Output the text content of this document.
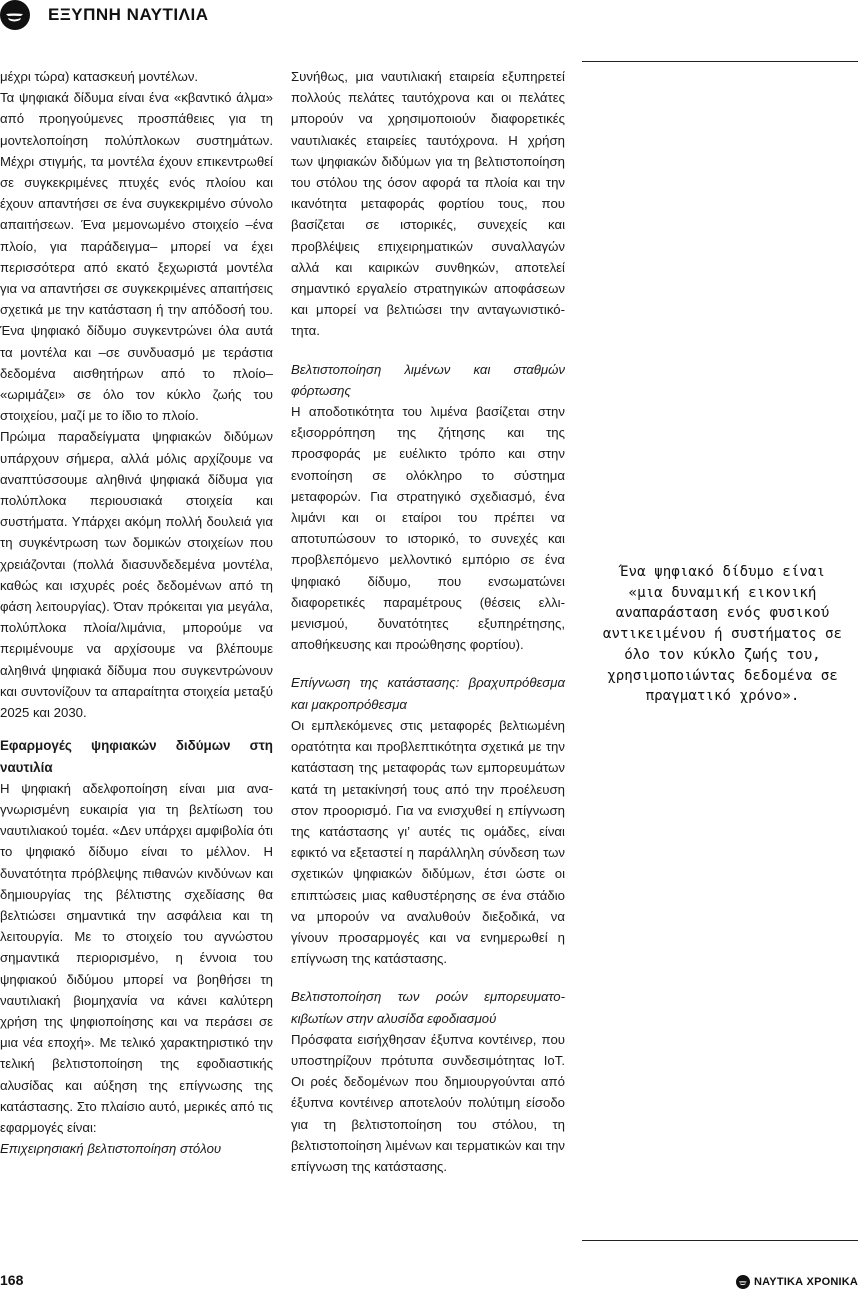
ΕΞΥΠΝΗ ΝΑΥΤΙΛΙΑ

μέχρι τώρα) κατασκευή μοντέλων.

Τα ψηφιακά δίδυμα είναι ένα «κβαντικό άλμα» από προηγούμενες προσπάθειες για τη μοντελοποίηση πολύπλοκων συστημάτων. Μέχρι στιγμής, τα μοντέλα έχουν επικεντρωθεί σε συγκεκριμένες πτυχές ενός πλοίου και έχουν απαντήσει σε ένα συγκεκριμένο σύνολο απαιτήσεων. Ένα μεμονωμένο στοιχείο –ένα πλοίο, για παράδειγμα– μπορεί να έχει περισσότερα από εκατό ξεχωριστά μοντέλα για να απαντήσει σε συγκεκριμένες απαιτήσεις σχετικά με την κατάσταση ή την απόδοσή του. Ένα ψηφιακό δίδυμο συγκεντρώνει όλα αυτά τα μοντέλα και –σε συνδυασμό με τεράστια δεδομένα αισθητήρων από το πλοίο– «ωριμάζει» σε όλο τον κύκλο ζωής του στοιχείου, μαζί με το ίδιο το πλοίο.

Πρώιμα παραδείγματα ψηφιακών διδύμων υπάρχουν σήμερα, αλλά μόλις αρχίζουμε να αναπτύσσουμε αληθινά ψηφιακά δίδυμα για πολύπλοκα περιουσιακά στοιχεία και συστήματα. Υπάρχει ακόμη πολλή δουλειά για τη συγκέντρωση των δομικών στοιχείων που χρειάζονται (πολλά διασυνδεδεμένα μοντέλα, καθώς και ισχυρές ροές δεδομένων από τη φάση λειτουργίας). Όταν πρόκειται για μεγάλα, πολύπλοκα πλοία/λιμάνια, μπορούμε να περιμένουμε να αρχίσουμε να βλέπουμε αληθινά ψηφιακά δίδυμα που συγκεντρώνουν και συντονίζουν τα απαραίτητα στοιχεία μεταξύ 2025 και 2030.

Εφαρμογές ψηφιακών διδύμων στη ναυτιλία

Η ψηφιακή αδελφοποίηση είναι μια αναγνωρισμένη ευκαιρία για τη βελτίωση του ναυτιλιακού τομέα. «Δεν υπάρχει αμφιβολία ότι το ψηφιακό δίδυμο είναι το μέλλον. Η δυνατότητα πρόβλεψης πιθανών κινδύνων και δημιουργίας της βέλτιστης σχεδίασης θα βελτιώσει σημαντικά την ασφάλεια και τη λειτουργία. Με το στοιχείο του αγνώστου σημαντικά περιορισμένο, η έννοια του ψηφιακού διδύμου μπορεί να βοηθήσει τη ναυτιλιακή βιομηχανία να κάνει καλύτερη χρήση της ψηφιοποίησης και να περάσει σε μια νέα εποχή». Με τελικό χαρακτηριστικό την τελική βελτιστοποίηση της εφοδιαστικής αλυσίδας και αύξηση της επίγνωσης της κατάστασης. Στο πλαίσιο αυτό, μερικές από τις εφαρμογές είναι:

Επιχειρησιακή βελτιστοποίηση στόλου

Συνήθως, μια ναυτιλιακή εταιρεία εξυπηρετεί πολλούς πελάτες ταυτόχρονα και οι πελάτες μπορούν να χρησιμοποιούν διαφορετικές ναυτιλιακές εταιρείες ταυτόχρονα. Η χρήση των ψηφιακών διδύμων για τη βελτιστοποίηση του στόλου της όσον αφορά τα πλοία και την ικανότητα μεταφοράς φορτίου τους, που βασίζεται σε ιστορικές, συνεχείς και προβλέψεις επιχειρηματικών συναλλαγών αλλά και καιρικών συνθηκών, αποτελεί σημαντικό εργαλείο στρατηγικών αποφάσεων και μπορεί να βελτιώσει την ανταγωνιστικότητα.

Βελτιστοποίηση λιμένων και σταθμών φόρτωσης

Η αποδοτικότητα του λιμένα βασίζεται στην εξισορρόπηση της ζήτησης και της προσφοράς με ευέλικτο τρόπο και στην ενοποίηση σε ολόκληρο το σύστημα μεταφορών. Για στρατηγικό σχεδιασμό, ένα λιμάνι και οι εταίροι του πρέπει να αποτυπώσουν το ιστορικό, το συνεχές και προβλεπόμενο μελλοντικό εμπόριο σε ένα ψηφιακό δίδυμο, που ενσωματώνει διαφορετικές παραμέτρους (θέσεις ελλιμενισμού, δυνατότητες εξυπηρέτησης, αποθήκευσης και προώθησης φορτίου).

Επίγνωση της κατάστασης: βραχυπρόθεσμα και μακροπρόθεσμα

Οι εμπλεκόμενες στις μεταφορές βελτιωμένη ορατότητα και προβλεπτικότητα σχετικά με την κατάσταση της μεταφοράς των εμπορευμάτων κατά τη μετακίνησή τους από την προέλευση στον προορισμό. Για να ενισχυθεί η επίγνωση της κατάστασης γι’ αυτές τις ομάδες, είναι εφικτό να εξεταστεί η παράλληλη σύνδεση των σχετικών ψηφιακών διδύμων, έτσι ώστε οι επιπτώσεις μιας καθυστέρησης σε ένα στάδιο να μπορούν να αναλυθούν διεξοδικά, να γίνουν προσαρμογές και να ενημερωθεί η επίγνωση της κατάστασης.

Βελτιστοποίηση των ροών εμπορευματοκιβωτίων στην αλυσίδα εφοδιασμού

Πρόσφατα εισήχθησαν έξυπνα κοντέινερ, που υποστηρίζουν πρότυπα συνδεσιμότητας IoT. Οι ροές δεδομένων που δημιουργούνται από έξυπνα κοντέινερ αποτελούν πολύτιμη είσοδο για τη βελτιστοποίηση του στόλου, τη βελτιστοποίηση λιμένων και τερματικών και την επίγνωση της κατάστασης.

Ένα ψηφιακό δίδυμο είναι «μια δυναμική εικονική αναπαράσταση ενός φυσικού αντικειμένου ή συστήματος σε όλο τον κύκλο ζωής του, χρησιμοποιώντας δεδομένα σε πραγματικό χρόνο».
168	ΝΑΥΤΙΚΑ ΧΡΟΝΙΚΑ
